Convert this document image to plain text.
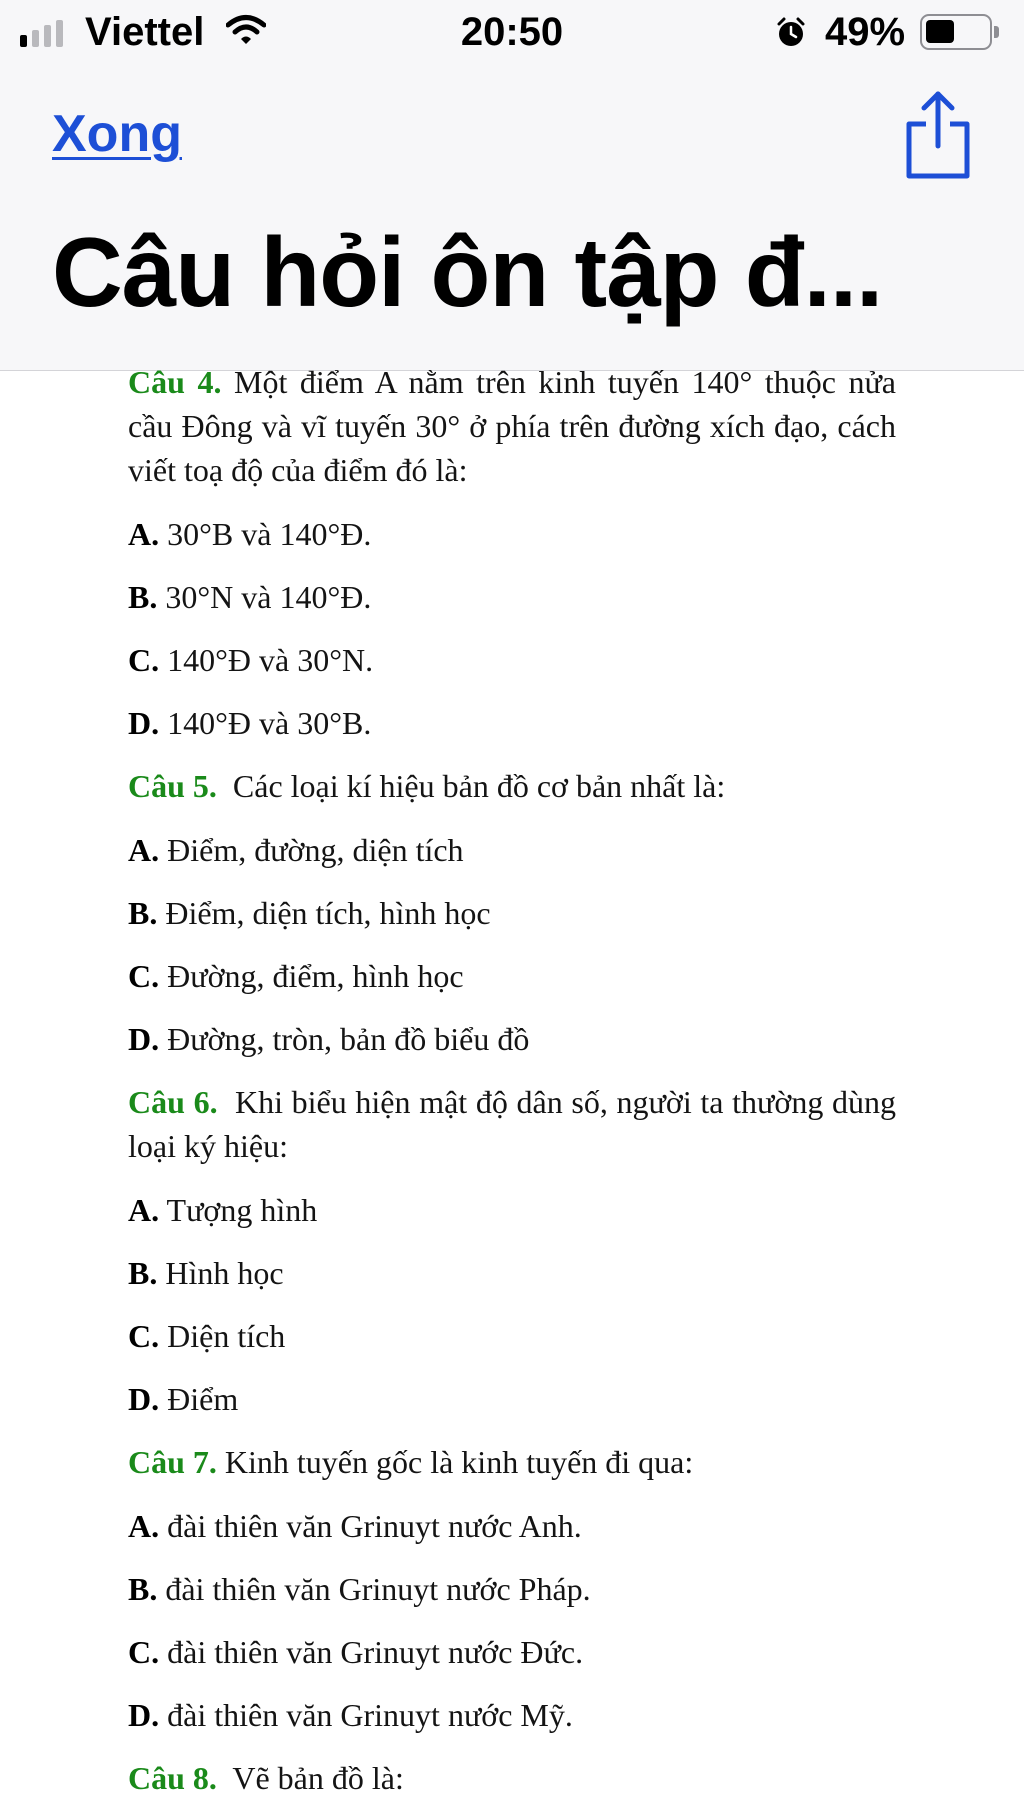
Viettel	20:50	49%
Xong
Câu hỏi ôn tập đ...
Câu 4. Một điểm A nằm trên kinh tuyến 140° thuộc nửa cầu Đông và vĩ tuyến 30° ở phía trên đường xích đạo, cách viết toạ độ của điểm đó là:
A. 30°B và 140°Đ.
B. 30°N và 140°Đ.
C. 140°Đ và 30°N.
D. 140°Đ và 30°B.
Câu 5.  Các loại kí hiệu bản đồ cơ bản nhất là:
A. Điểm, đường, diện tích
B. Điểm, diện tích, hình học
C. Đường, điểm, hình học
D. Đường, tròn, bản đồ biểu đồ
Câu 6.  Khi biểu hiện mật độ dân số, người ta thường dùng loại ký hiệu:
A. Tượng hình
B. Hình học
C. Diện tích
D. Điểm
Câu 7. Kinh tuyến gốc là kinh tuyến đi qua:
A. đài thiên văn Grinuyt nước Anh.
B. đài thiên văn Grinuyt nước Pháp.
C. đài thiên văn Grinuyt nước Đức.
D. đài thiên văn Grinuyt nước Mỹ.
Câu 8.  Vẽ bản đồ là:
